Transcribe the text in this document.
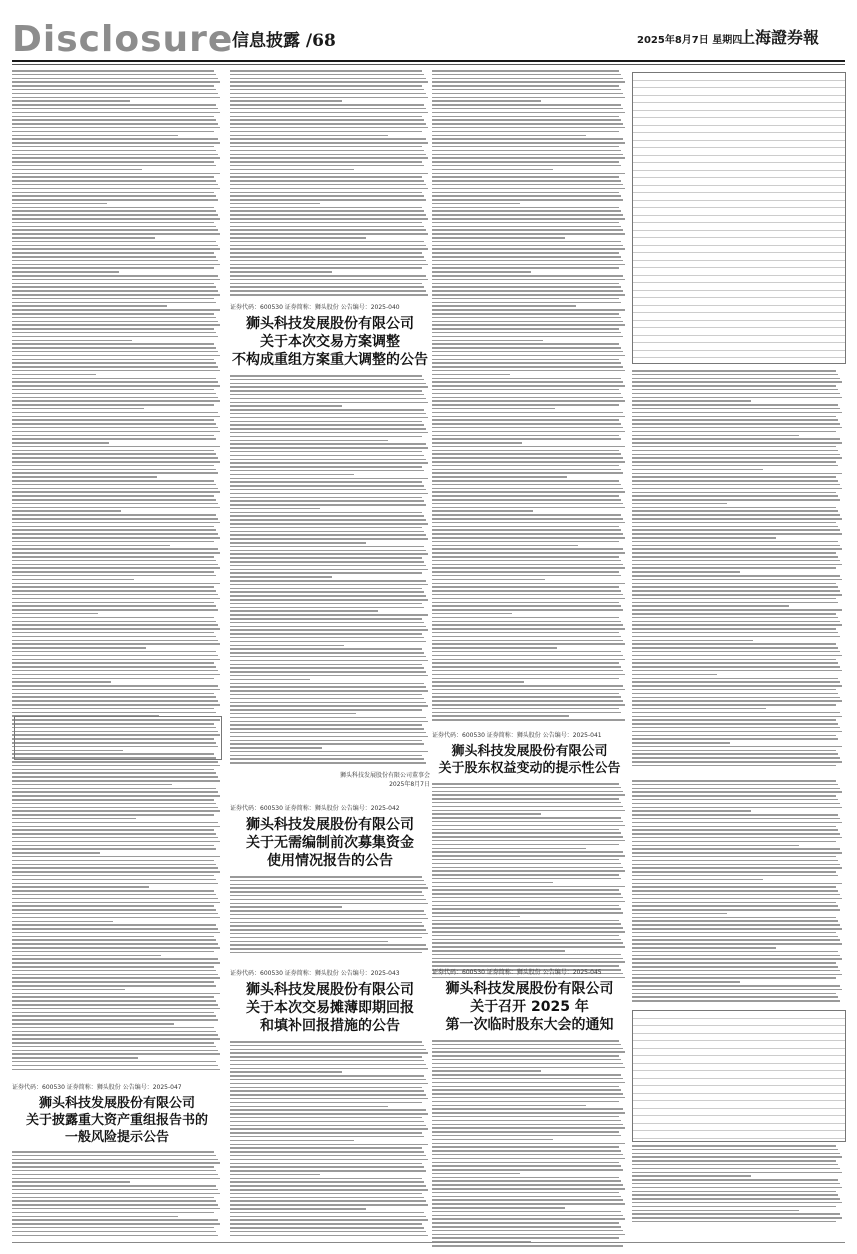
Disclosure
信息披露 /68	2025年8月7日 星期四
上海證券報
证券代码：600530 证券简称：狮头股份 公告编号：2025-047
狮头科技发展股份有限公司
关于披露重大资产重组报告书的
一般风险提示公告
证券代码：600530 证券简称：狮头股份 公告编号：2025-040
狮头科技发展股份有限公司
关于本次交易方案调整
不构成重组方案重大调整的公告
狮头科技发展股份有限公司董事会
2025年8月7日
证券代码：600530 证券简称：狮头股份 公告编号：2025-042
狮头科技发展股份有限公司
关于无需编制前次募集资金
使用情况报告的公告
证券代码：600530 证券简称：狮头股份 公告编号：2025-043
狮头科技发展股份有限公司
关于本次交易摊薄即期回报
和填补回报措施的公告
证券代码：600530 证券简称：狮头股份 公告编号：2025-041
狮头科技发展股份有限公司
关于股东权益变动的提示性公告
证券代码：600530 证券简称：狮头股份 公告编号：2025-045
狮头科技发展股份有限公司
关于召开 2025 年
第一次临时股东大会的通知
